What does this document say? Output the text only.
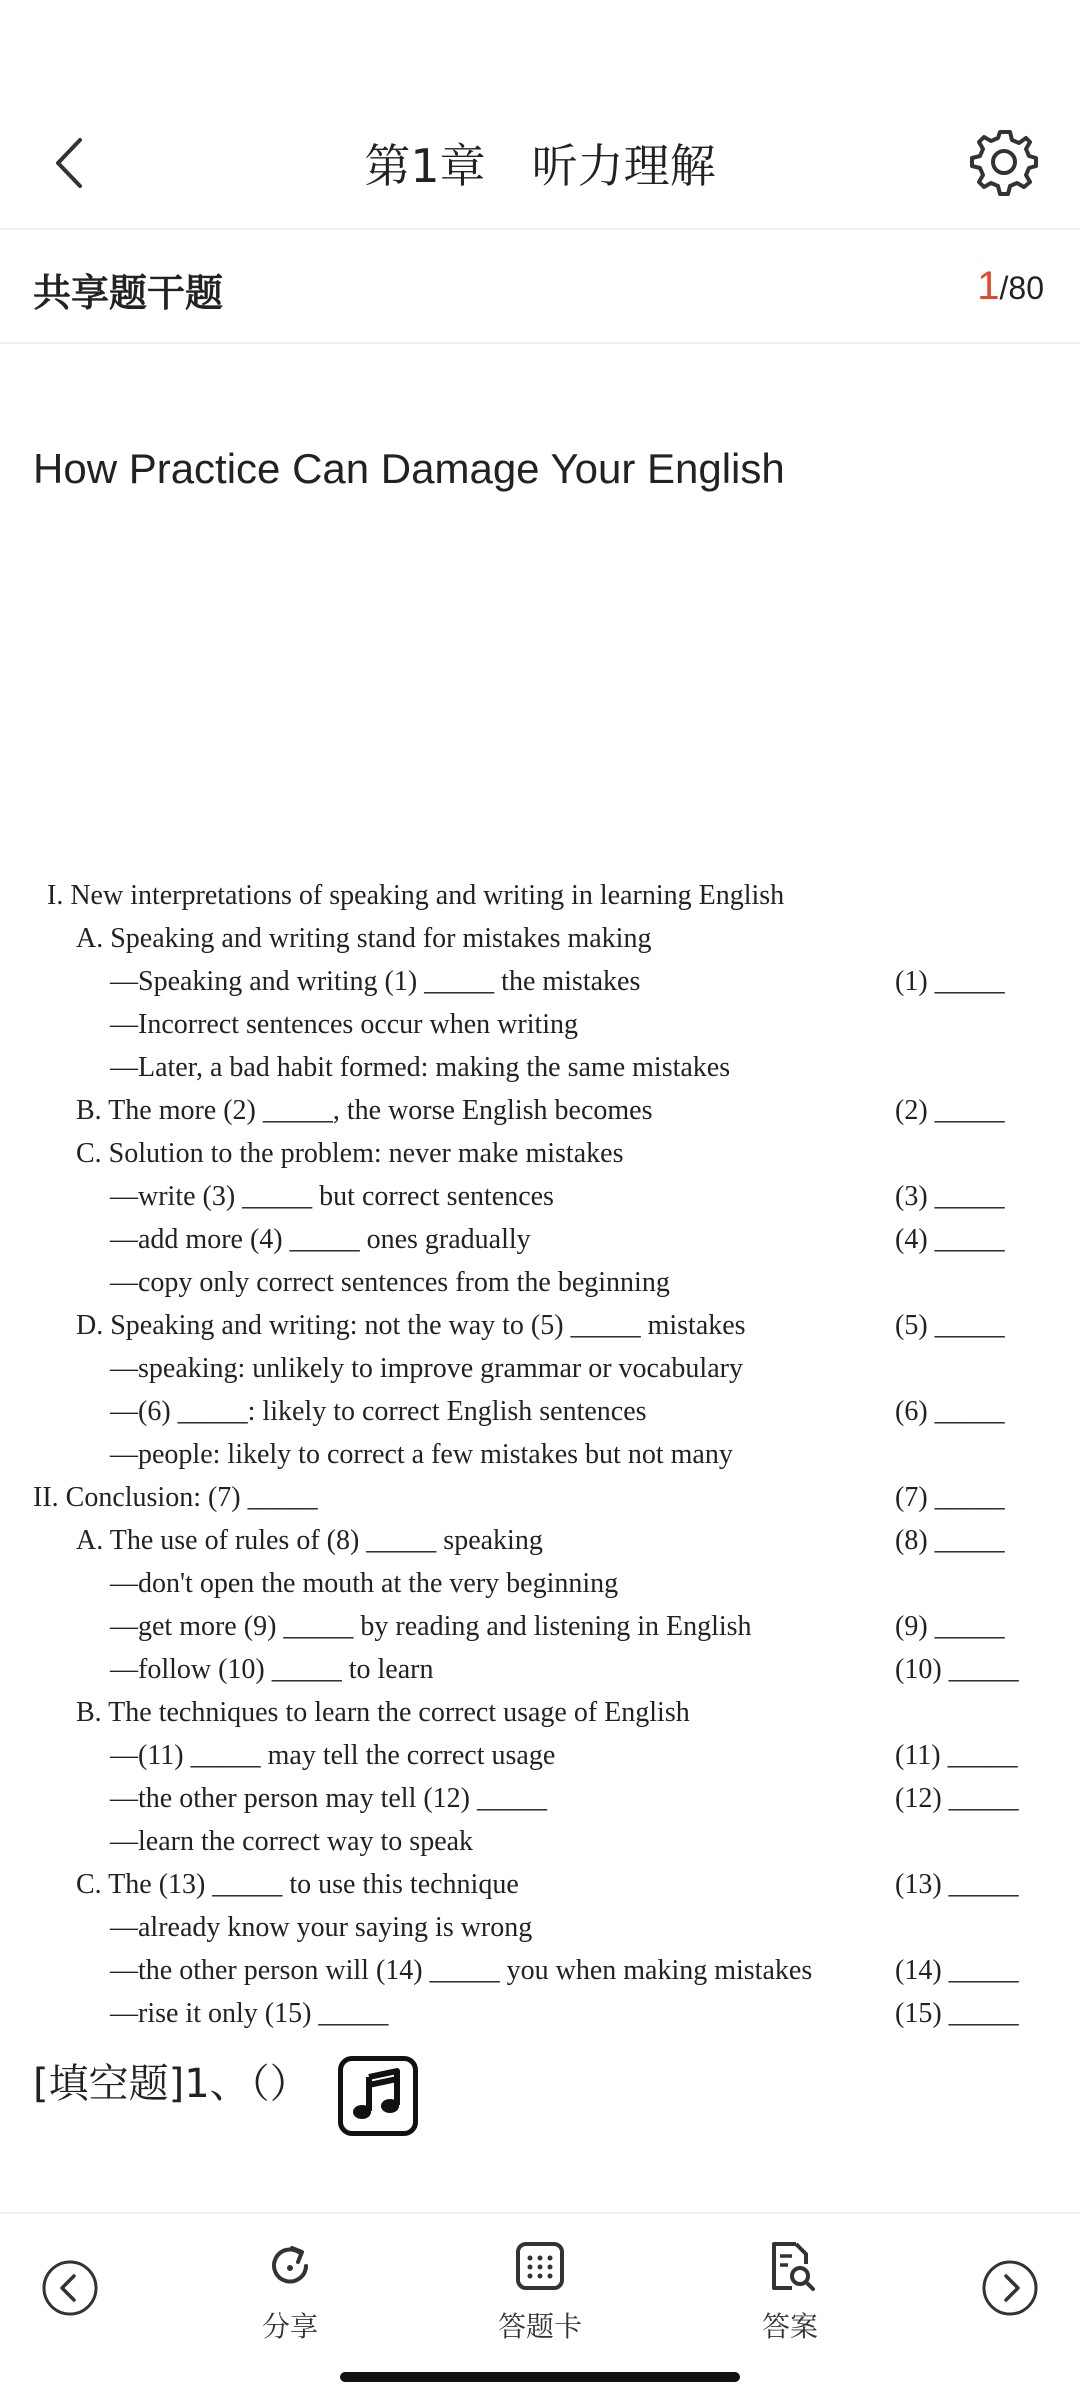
第1章　听力理解
共享题干题	1/80
How Practice Can Damage Your English
I. New interpretations of speaking and writing in learning English
A. Speaking and writing stand for mistakes making
—Speaking and writing (1) _____ the mistakes	(1) _____
—Incorrect sentences occur when writing
—Later, a bad habit formed: making the same mistakes
B. The more (2) _____, the worse English becomes	(2) _____
C. Solution to the problem: never make mistakes
—write (3) _____ but correct sentences	(3) _____
—add more (4) _____ ones gradually	(4) _____
—copy only correct sentences from the beginning
D. Speaking and writing: not the way to (5) _____ mistakes	(5) _____
—speaking: unlikely to improve grammar or vocabulary
—(6) _____: likely to correct English sentences	(6) _____
—people: likely to correct a few mistakes but not many
II. Conclusion: (7) _____	(7) _____
A. The use of rules of (8) _____ speaking	(8) _____
—don't open the mouth at the very beginning
—get more (9) _____ by reading and listening in English	(9) _____
—follow (10) _____ to learn	(10) _____
B. The techniques to learn the correct usage of English
—(11) _____ may tell the correct usage	(11) _____
—the other person may tell (12) _____	(12) _____
—learn the correct way to speak
C. The (13) _____ to use this technique	(13) _____
—already know your saying is wrong
—the other person will (14) _____ you when making mistakes	(14) _____
—rise it only (15) _____	(15) _____
[填空题]1、（）
分享	答题卡	答案
